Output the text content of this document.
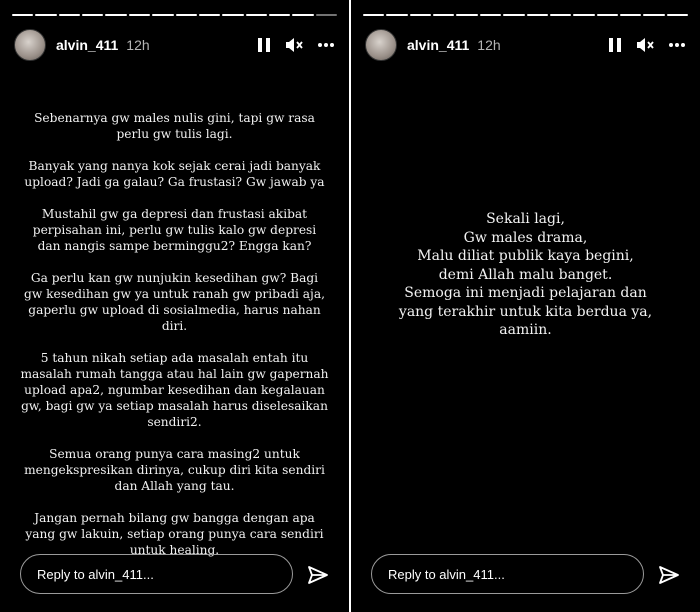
alvin_411 12h

Sebenarnya gw males nulis gini, tapi gw rasa perlu gw tulis lagi.

Banyak yang nanya kok sejak cerai jadi banyak upload? Jadi ga galau? Ga frustasi? Gw jawab ya

Mustahil gw ga depresi dan frustasi akibat perpisahan ini, perlu gw tulis kalo gw depresi dan nangis sampe berminggu2? Engga kan?

Ga perlu kan gw nunjukin kesedihan gw? Bagi gw kesedihan gw ya untuk ranah gw pribadi aja, gaperlu gw upload di sosialmedia, harus nahan diri.

5 tahun nikah setiap ada masalah entah itu masalah rumah tangga atau hal lain gw gapernah upload apa2, ngumbar kesedihan dan kegalauan gw, bagi gw ya setiap masalah harus diselesaikan sendiri2.

Semua orang punya cara masing2 untuk mengekspresikan dirinya, cukup diri kita sendiri dan Allah yang tau.

Jangan pernah bilang gw bangga dengan apa yang gw lakuin, setiap orang punya cara sendiri untuk healing.

Reply to alvin_411...
alvin_411 12h
Sekali lagi,
Gw males drama,
Malu diliat publik kaya begini,
demi Allah malu banget.
Semoga ini menjadi pelajaran dan
yang terakhir untuk kita berdua ya,
aamiin.
Reply to alvin_411...
